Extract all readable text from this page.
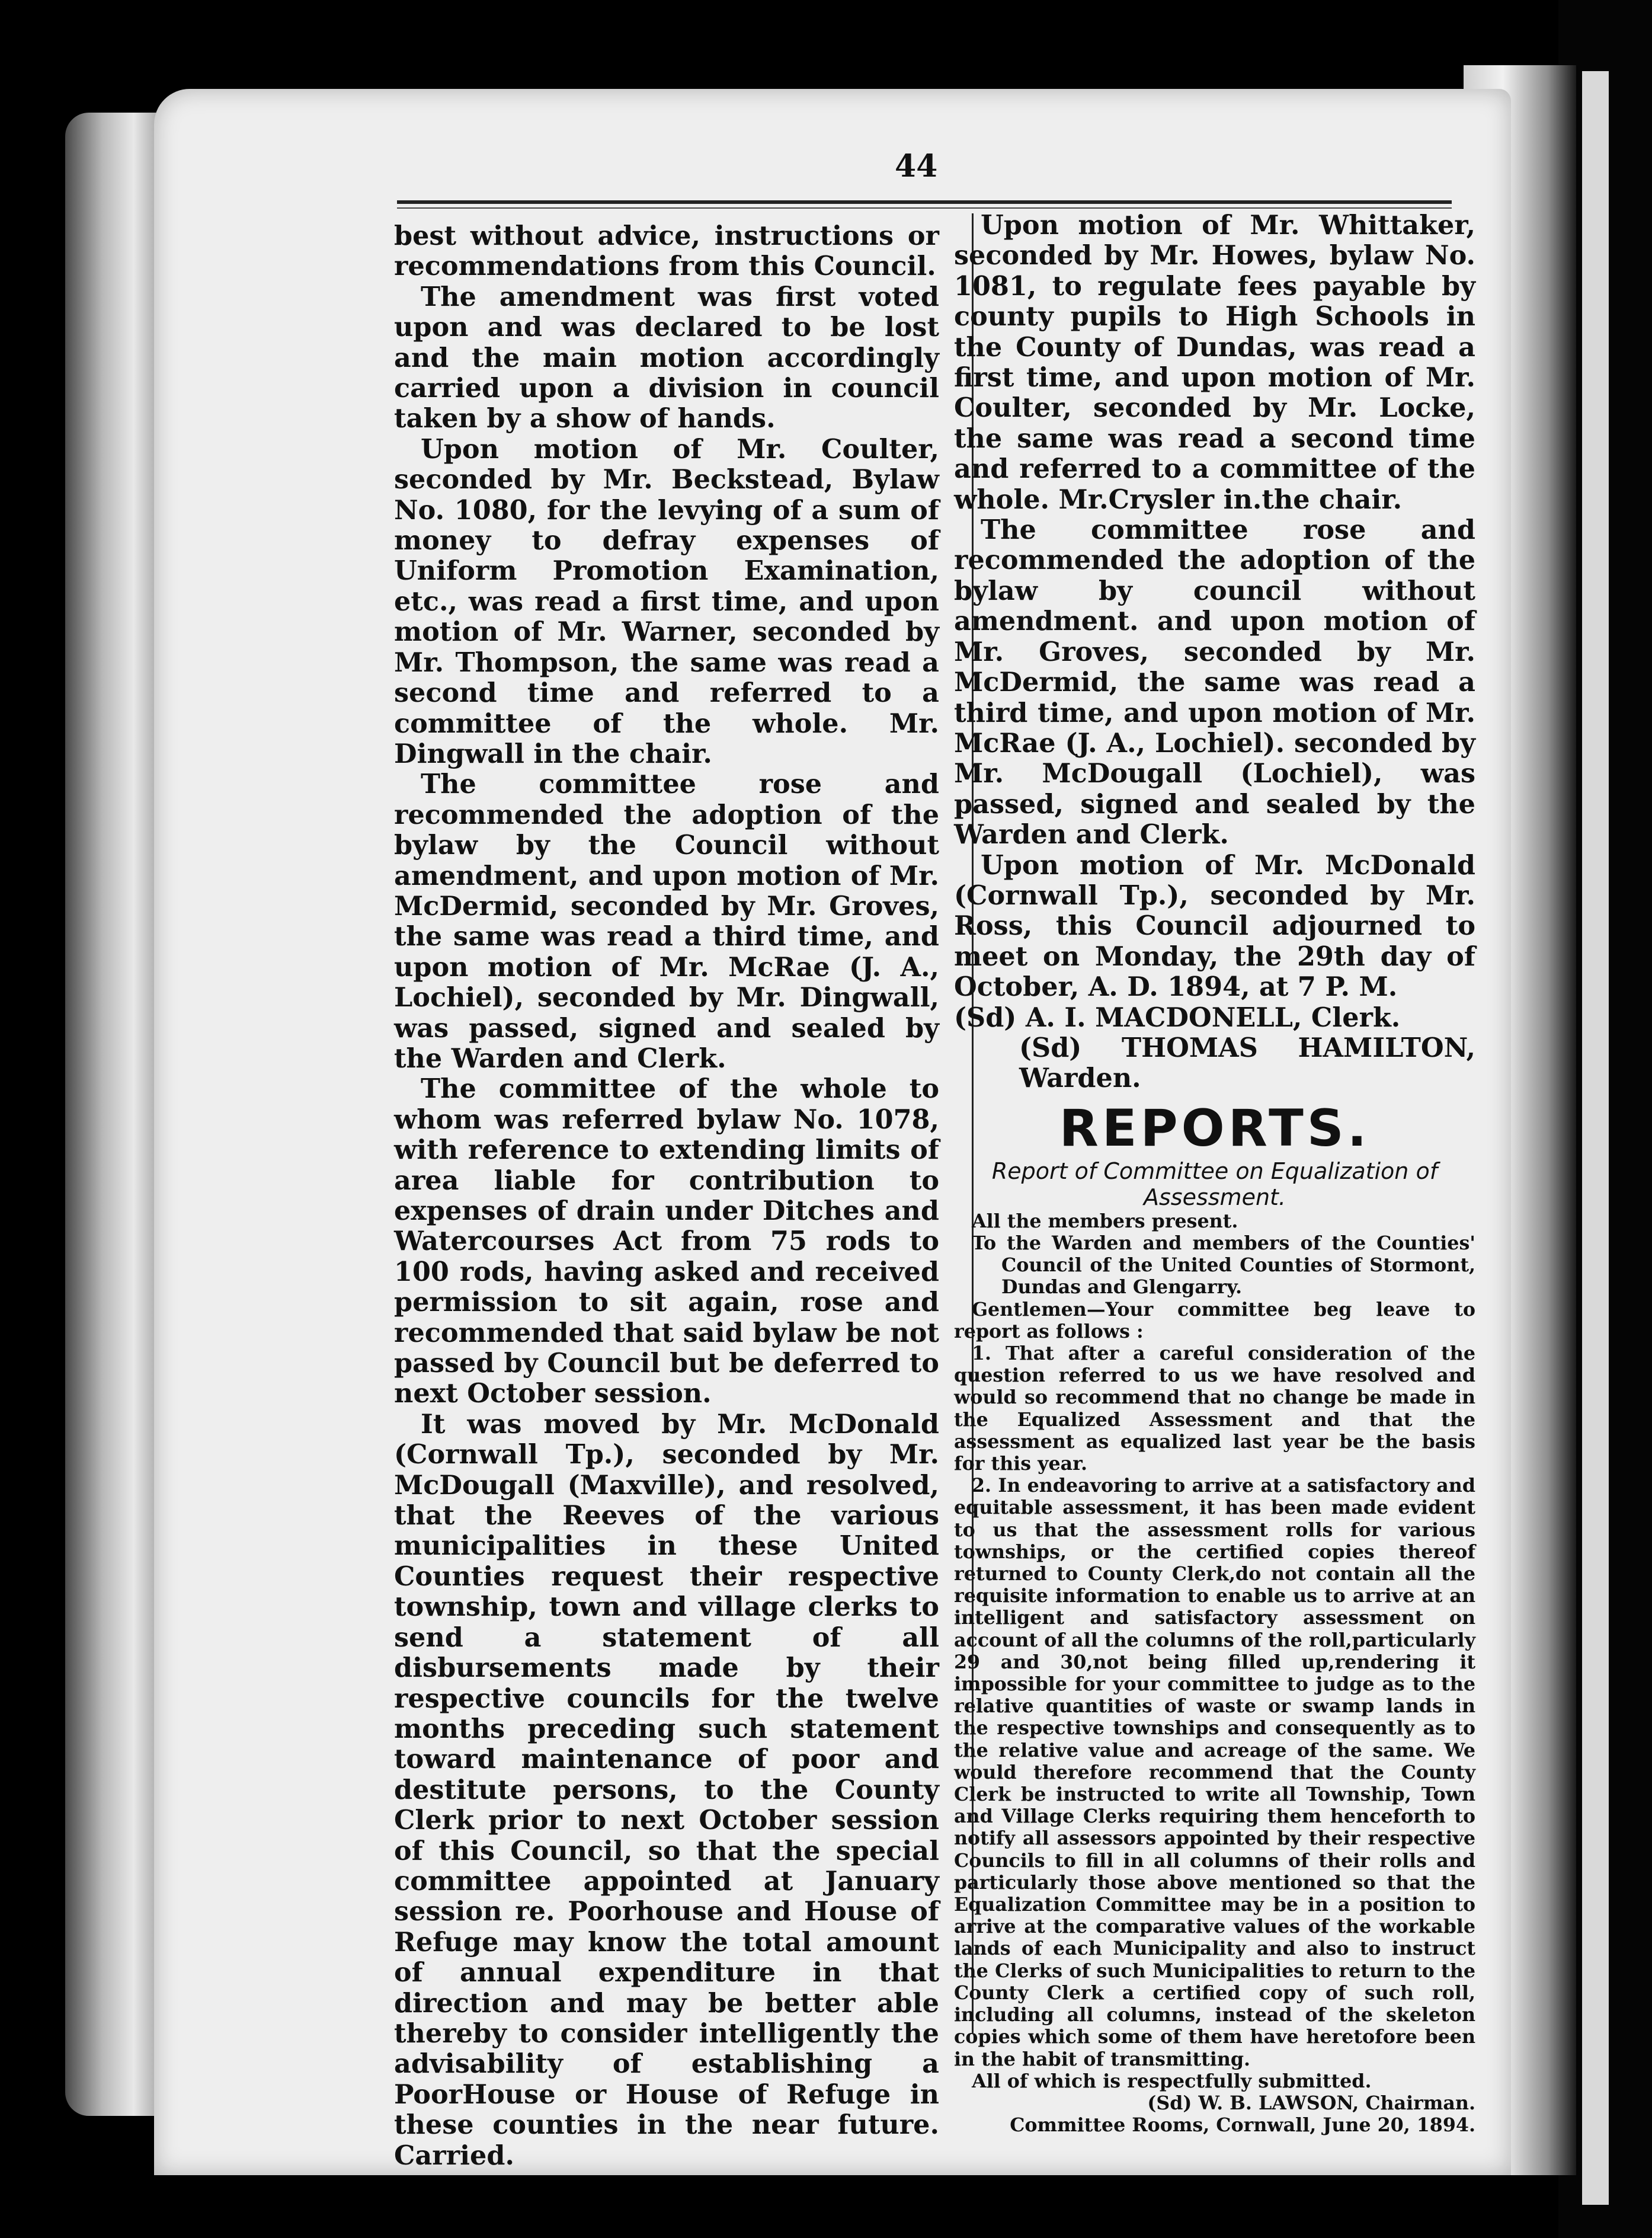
44

best without advice, instructions or recommendations from this Council.

The amendment was first voted upon and was declared to be lost and the main motion accordingly carried upon a division in council taken by a show of hands.

Upon motion of Mr. Coulter, seconded by Mr. Beckstead, Bylaw No. 1080, for the levying of a sum of money to defray expenses of Uniform Promotion Examination, etc., was read a first time, and upon motion of Mr. Warner, seconded by Mr. Thompson, the same was read a second time and referred to a committee of the whole. Mr. Dingwall in the chair.

The committee rose and recommended the adoption of the bylaw by the Council without amendment, and upon motion of Mr. McDermid, seconded by Mr. Groves, the same was read a third time, and upon motion of Mr. McRae (J. A., Lochiel), seconded by Mr. Dingwall, was passed, signed and sealed by the Warden and Clerk.

The committee of the whole to whom was referred bylaw No. 1078, with reference to extending limits of area liable for contribution to expenses of drain under Ditches and Watercourses Act from 75 rods to 100 rods, having asked and received permission to sit again, rose and recommended that said bylaw be not passed by Council but be deferred to next October session.

It was moved by Mr. McDonald (Cornwall Tp.), seconded by Mr. McDougall (Maxville), and resolved, that the Reeves of the various municipalities in these United Counties request their respective township, town and village clerks to send a statement of all disbursements made by their respective councils for the twelve months preceding such statement toward maintenance of poor and destitute persons, to the County Clerk prior to next October session of this Council, so that the special committee appointed at January session re. Poorhouse and House of Refuge may know the total amount of annual expenditure in that direction and may be better able thereby to consider intelligently the advisability of establishing a PoorHouse or House of Refuge in these counties in the near future. Carried.

Upon motion of Mr. Whittaker, seconded by Mr. Howes, bylaw No. 1081, to regulate fees payable by county pupils to High Schools in the County of Dundas, was read a first time, and upon motion of Mr. Coulter, seconded by Mr. Locke, the same was read a second time and referred to a committee of the whole. Mr.Crysler in.the chair.

The committee rose and recommended the adoption of the bylaw by council without amendment. and upon motion of Mr. Groves, seconded by Mr. McDermid, the same was read a third time, and upon motion of Mr. McRae (J. A., Lochiel). seconded by Mr. McDougall (Lochiel), was passed, signed and sealed by the Warden and Clerk.

Upon motion of Mr. McDonald (Cornwall Tp.), seconded by Mr. Ross, this Council adjourned to meet on Monday, the 29th day of October, A. D. 1894, at 7 P. M.

(Sd) A. I. MACDONELL, Clerk.

(Sd) THOMAS HAMILTON, Warden.

REPORTS.
Report of Committee on Equalization of Assessment.

All the members present.

To the Warden and members of the Counties' Council of the United Counties of Stormont, Dundas and Glengarry.

Gentlemen—Your committee beg leave to report as follows :

1. That after a careful consideration of the question referred to us we have resolved and would so recommend that no change be made in the Equalized Assessment and that the assessment as equalized last year be the basis for this year.

2. In endeavoring to arrive at a satisfactory and equitable assessment, it has been made evident to us that the assessment rolls for various townships, or the certified copies thereof returned to County Clerk,do not contain all the requisite information to enable us to arrive at an intelligent and satisfactory assessment on account of all the columns of the roll,particularly 29 and 30,not being filled up,rendering it impossible for your committee to judge as to the relative quantities of waste or swamp lands in the respective townships and consequently as to the relative value and acreage of the same. We would therefore recommend that the County Clerk be instructed to write all Township, Town and Village Clerks requiring them henceforth to notify all assessors appointed by their respective Councils to fill in all columns of their rolls and particularly those above mentioned so that the Equalization Committee may be in a position to arrive at the comparative values of the workable lands of each Municipality and also to instruct the Clerks of such Municipalities to return to the County Clerk a certified copy of such roll, including all columns, instead of the skeleton copies which some of them have heretofore been in the habit of transmitting.

All of which is respectfully submitted.

(Sd) W. B. LAWSON, Chairman.

Committee Rooms, Cornwall, June 20, 1894.
